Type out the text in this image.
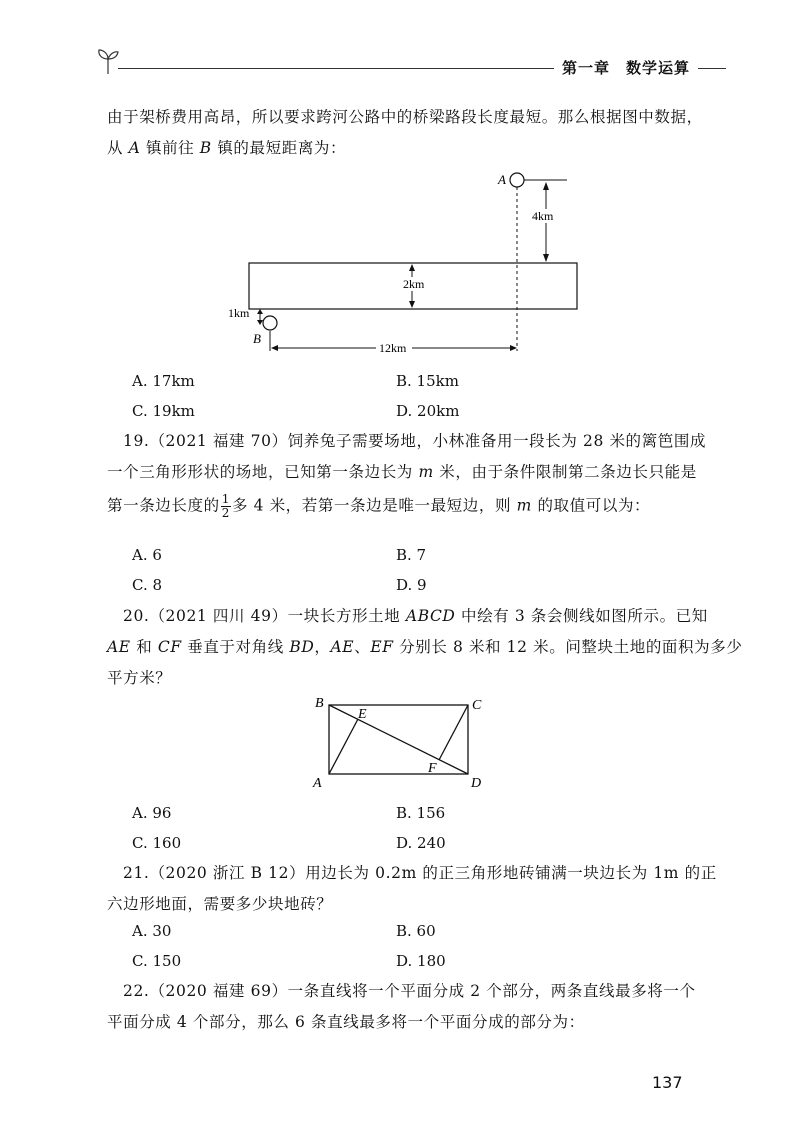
第一章　数学运算
由于架桥费用高昂，所以要求跨河公路中的桥梁路段长度最短。那么根据图中数据，
从 A 镇前往 B 镇的最短距离为：
4km
2km
1km
12km
A
B
A. 17km	B. 15km
C. 19km	D. 20km
19.（2021 福建 70）饲养兔子需要场地，小林准备用一段长为 28 米的篱笆围成
一个三角形形状的场地，已知第一条边长为 m 米，由于条件限制第二条边长只能是
第一条边长度的 $\frac{1}{2}$ 多 4 米，若第一条边是唯一最短边，则 m 的取值可以为：
A. 6	B. 7
C. 8	D. 9
20.（2021 四川 49）一块长方形土地 ABCD 中绘有 3 条会侧线如图所示。已知
AE 和 CF 垂直于对角线 BD，AE、EF 分别长 8 米和 12 米。问整块土地的面积为多少
平方米？
B	C
E
F
A	D
A. 96	B. 156
C. 160	D. 240
21.（2020 浙江 B 12）用边长为 0.2m 的正三角形地砖铺满一块边长为 1m 的正
六边形地面，需要多少块地砖？
A. 30	B. 60
C. 150	D. 180
22.（2020 福建 69）一条直线将一个平面分成 2 个部分，两条直线最多将一个
平面分成 4 个部分，那么 6 条直线最多将一个平面分成的部分为：
137
